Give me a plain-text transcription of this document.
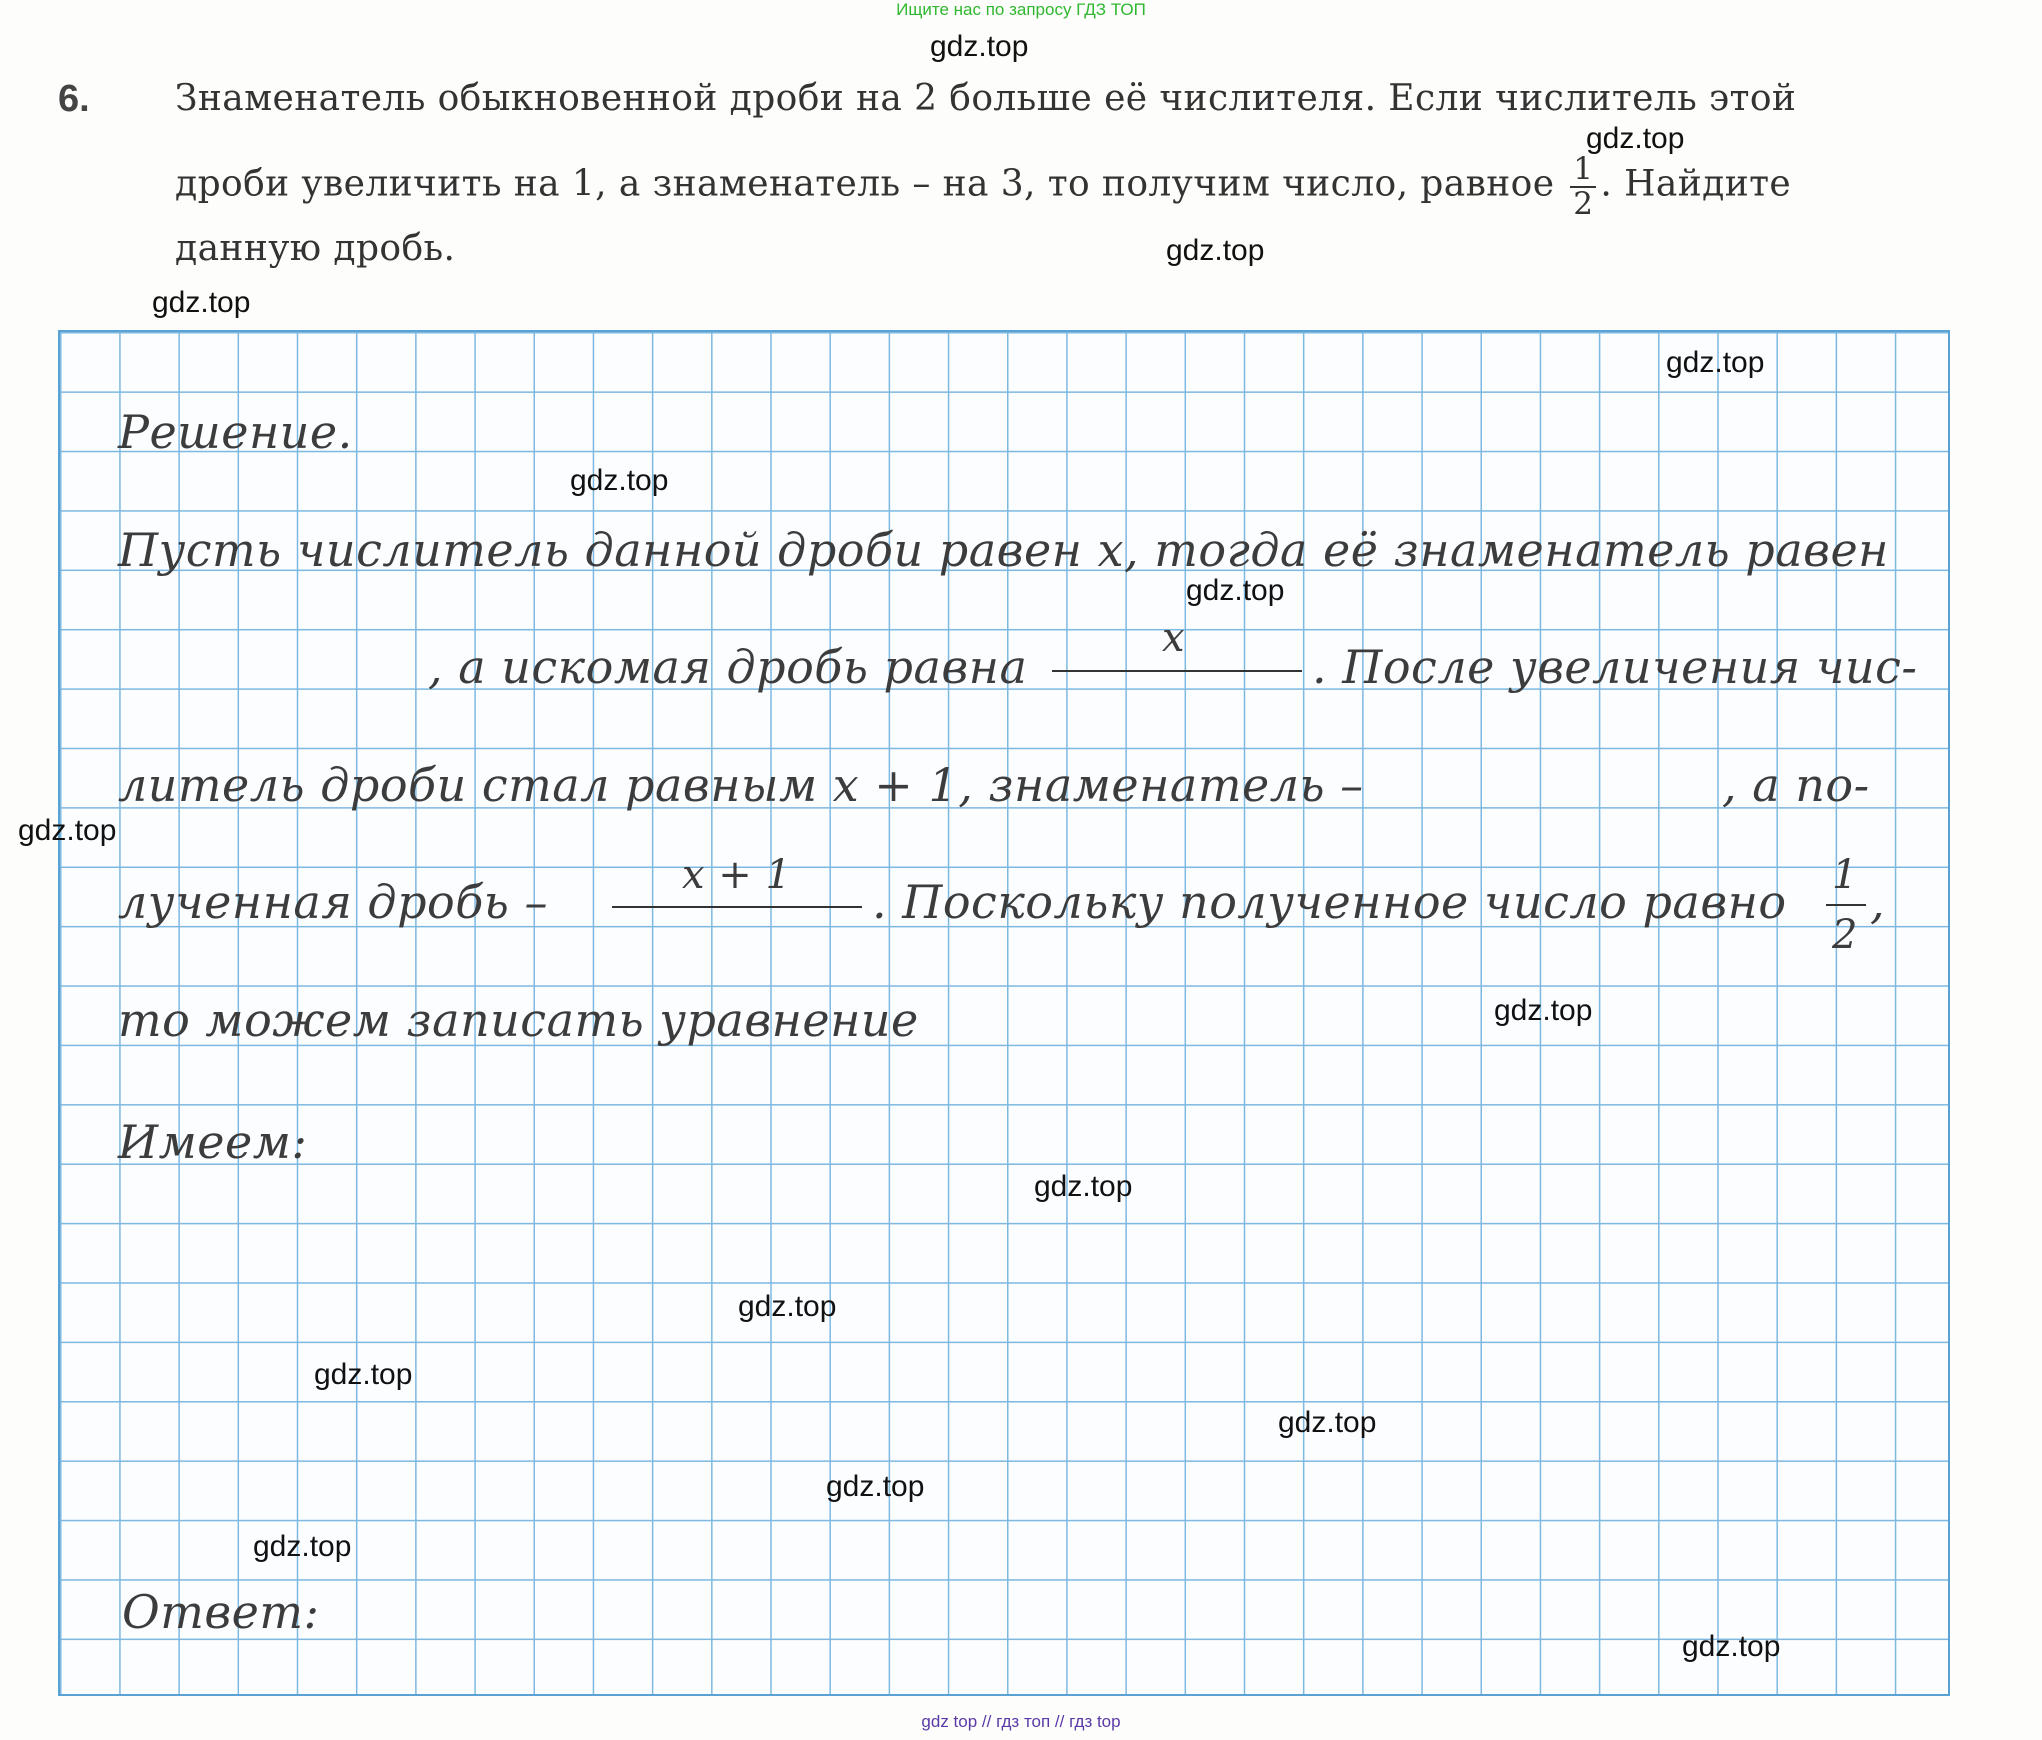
Ищите нас по запросу ГДЗ ТОП
6. Знаменатель обыкновенной дроби на 2 больше её числителя. Если числитель этой
дроби увеличить на 1, а знаменатель – на 3, то получим число, равное $\frac{1}{2}$ . Найдите
данную дробь.
Решение.
Пусть числитель данной дроби равен x, тогда её знаменатель равен
, а искомая дробь равна
x
. После увеличения чис-
литель дроби стал равным x + 1, знаменатель –	, а по-
лученная дробь –	x + 1 . Поскольку полученное число равно 1
2
,
то можем записать уравнение
Имеем:
Ответ:
gdz.top
gdz.top
gdz.top
gdz.top
gdz.top
gdz.top
gdz.top
gdz.top
gdz.top
gdz.top
gdz.top
gdz.top
gdz.top
gdz.top
gdz.top
gdz.top
gdz top // гдз топ // гдз top
